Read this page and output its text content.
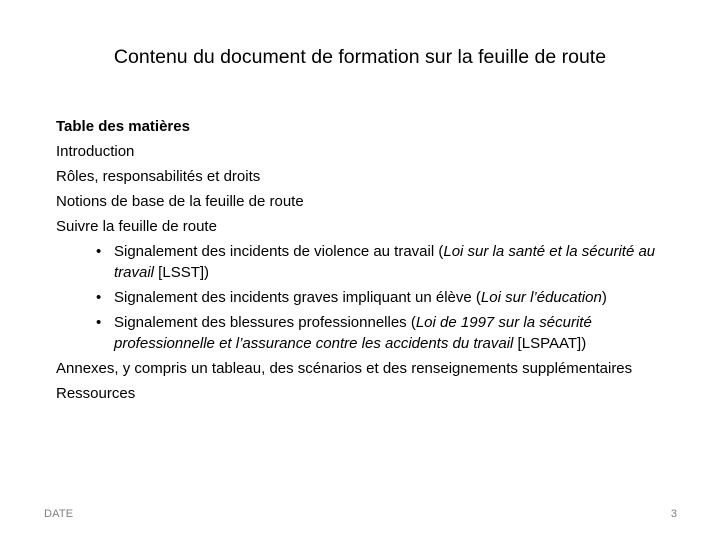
Contenu du document de formation sur la feuille de route
Table des matières
Introduction
Rôles, responsabilités et droits
Notions de base de la feuille de route
Suivre la feuille de route
• Signalement des incidents de violence au travail (Loi sur la santé et la sécurité au travail [LSST])
• Signalement des incidents graves impliquant un élève (Loi sur l’éducation)
• Signalement des blessures professionnelles (Loi de 1997 sur la sécurité professionnelle et l’assurance contre les accidents du travail [LSPAAT])
Annexes, y compris un tableau, des scénarios et des renseignements supplémentaires
Ressources
DATE	3
